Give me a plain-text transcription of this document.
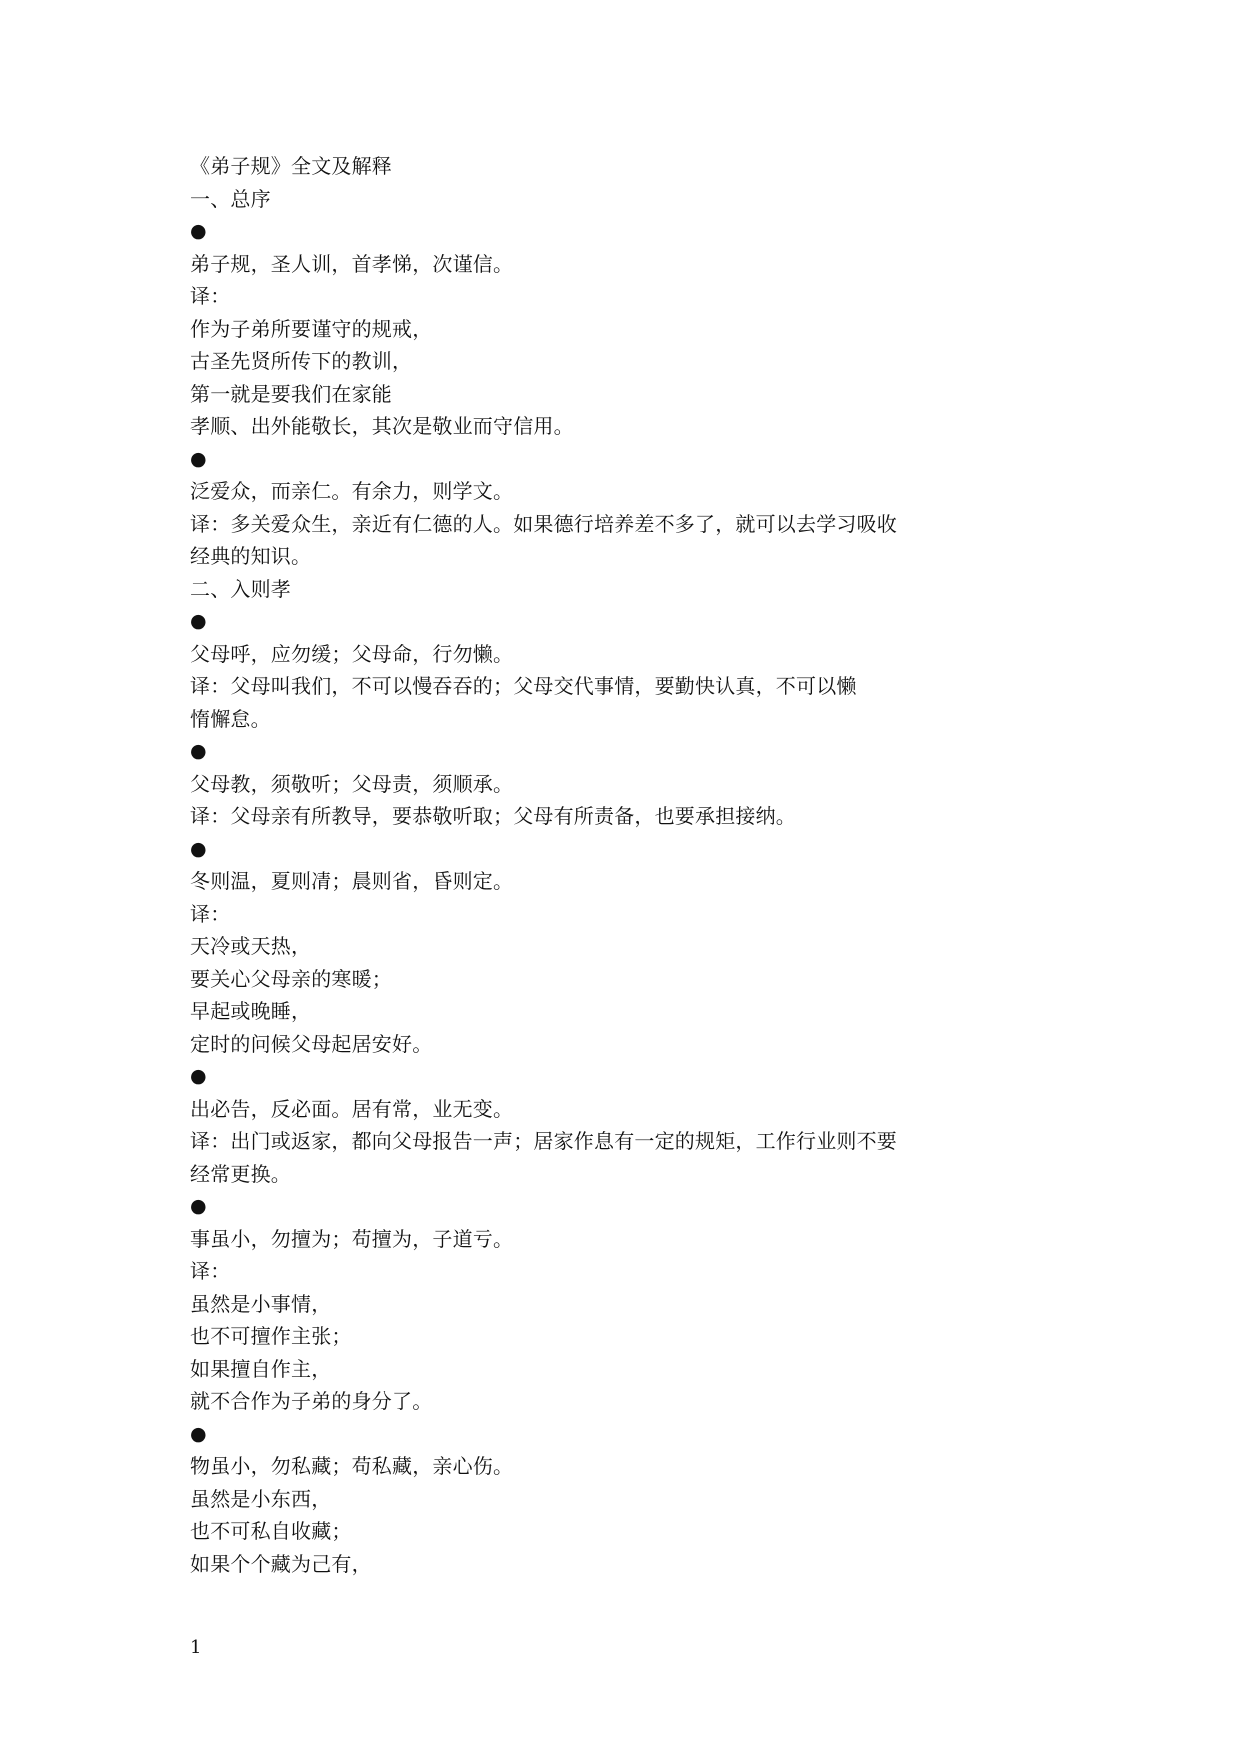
《弟子规》全文及解释
一、总序
●
弟子规，圣人训，首孝悌，次谨信。
译：
作为子弟所要谨守的规戒，
古圣先贤所传下的教训，
第一就是要我们在家能
孝顺、出外能敬长，其次是敬业而守信用。
●
泛爱众，而亲仁。有余力，则学文。
译：多关爱众生，亲近有仁德的人。如果德行培养差不多了，就可以去学习吸收
经典的知识。
二、入则孝
●
父母呼，应勿缓；父母命，行勿懒。
译：父母叫我们，不可以慢吞吞的；父母交代事情，要勤快认真，不可以懒
惰懈怠。
●
父母教，须敬听；父母责，须顺承。
译：父母亲有所教导，要恭敬听取；父母有所责备，也要承担接纳。
●
冬则温，夏则凊；晨则省，昏则定。
译：
天冷或天热，
要关心父母亲的寒暖；
早起或晚睡，
定时的问候父母起居安好。
●
出必告，反必面。居有常，业无变。
译：出门或返家，都向父母报告一声；居家作息有一定的规矩，工作行业则不要
经常更换。
●
事虽小，勿擅为；苟擅为，子道亏。
译：
虽然是小事情，
也不可擅作主张；
如果擅自作主，
就不合作为子弟的身分了。
●
物虽小，勿私藏；苟私藏，亲心伤。
虽然是小东西，
也不可私自收藏；
如果个个藏为己有，
1
